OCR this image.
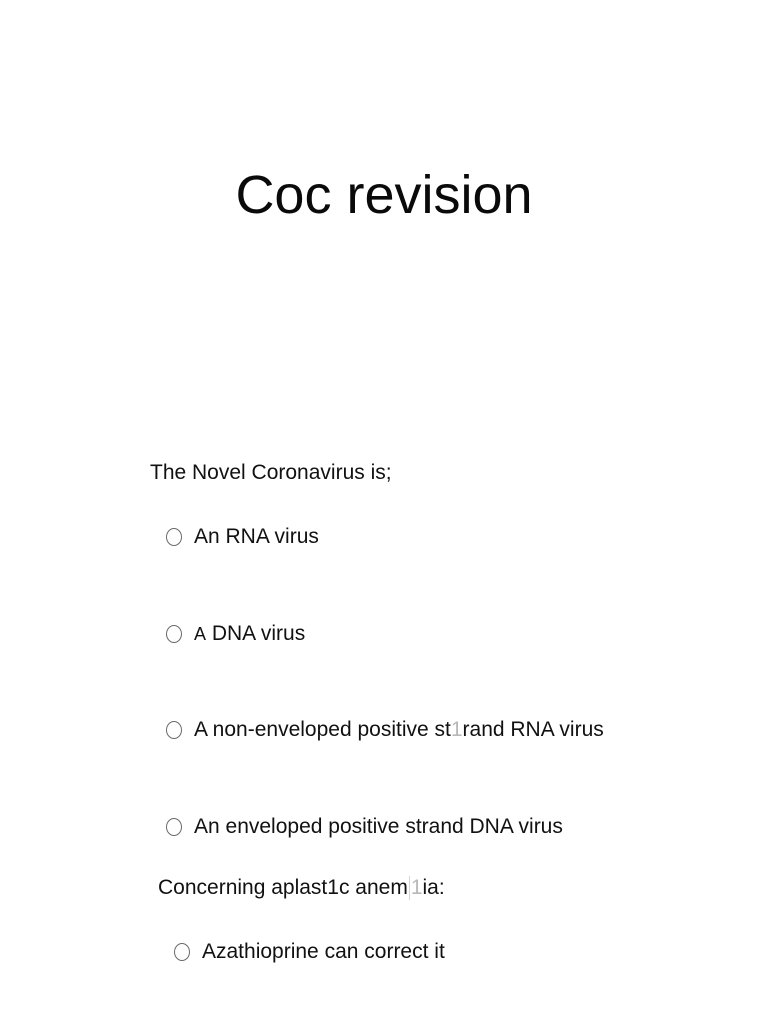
Coc revision
The Novel Coronavirus is;
An RNA virus
A DNA virus
A non-enveloped positive st1rand RNA virus
An enveloped positive strand DNA virus
Concerning aplast1c anem 1ia:
Azathioprine can correct it
